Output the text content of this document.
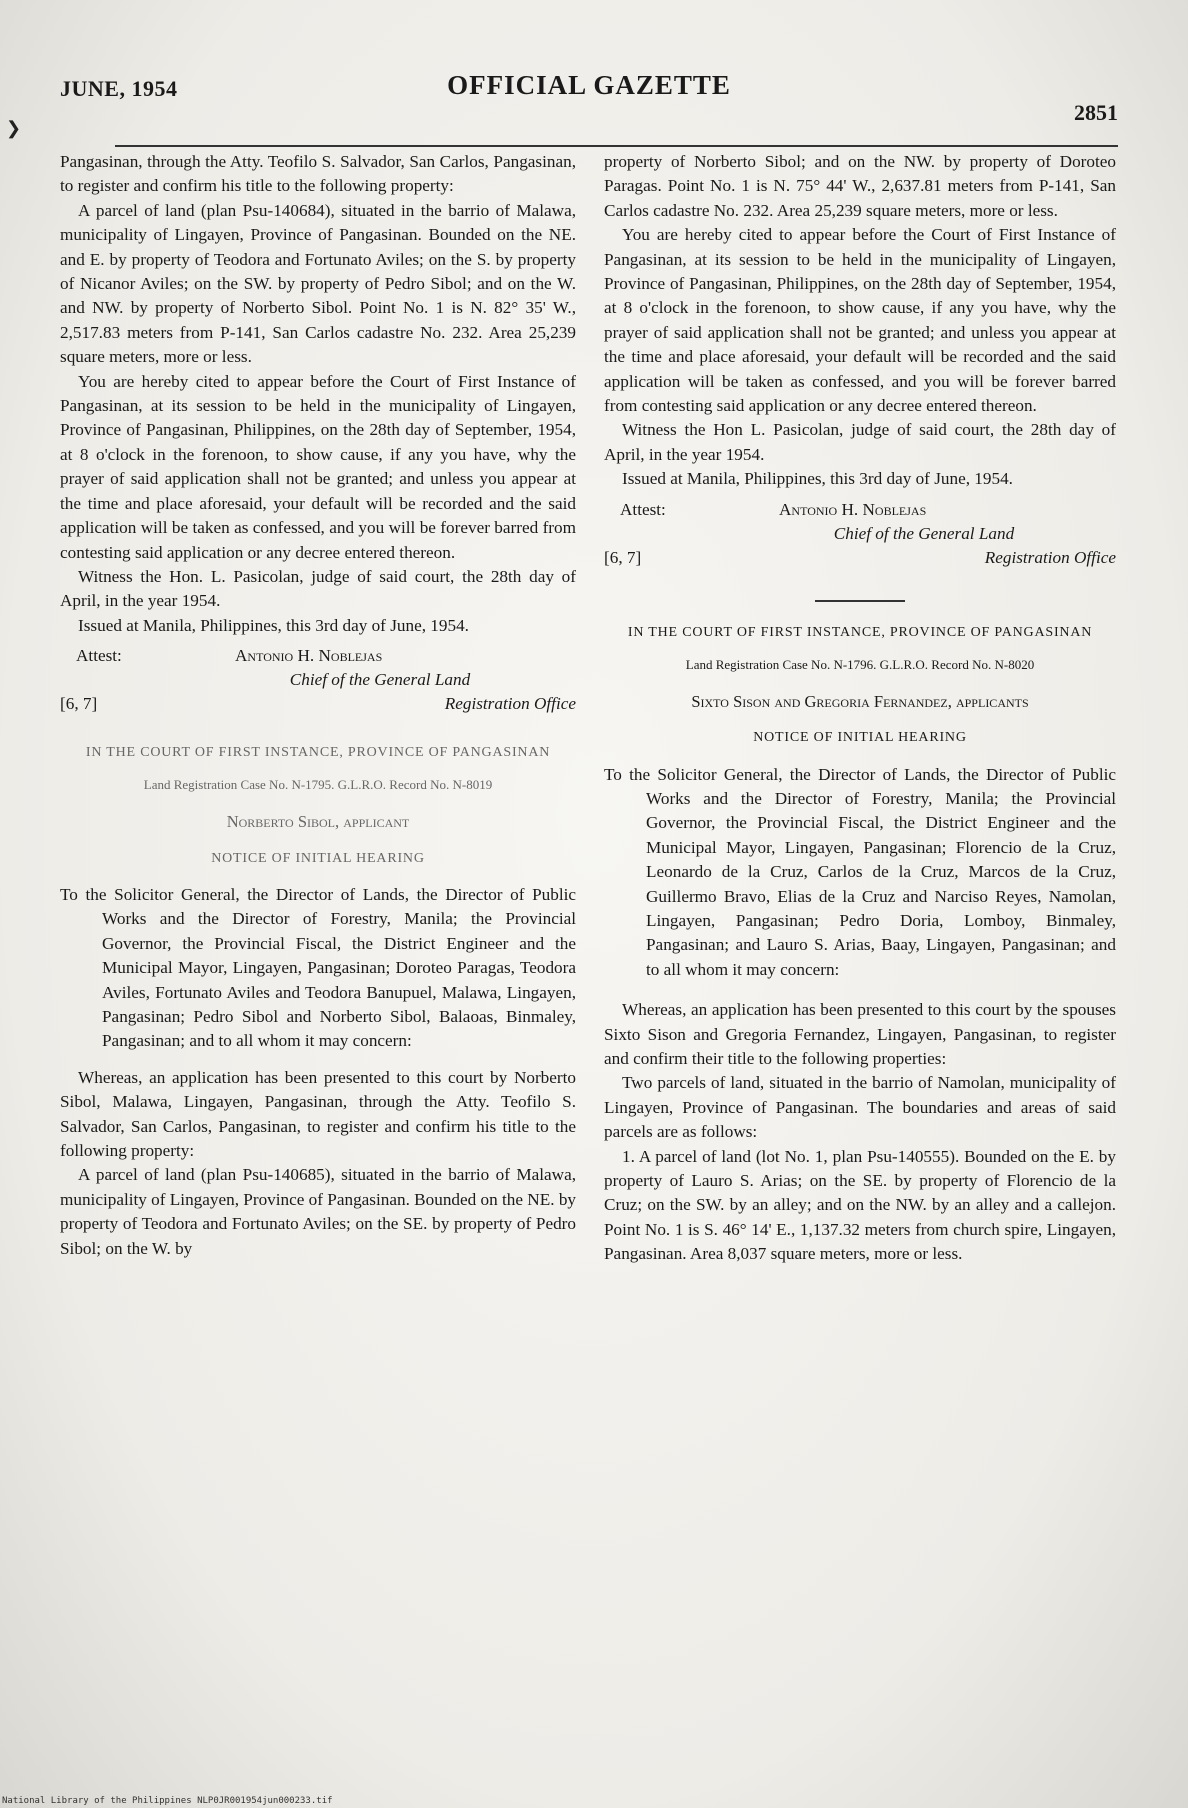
JUNE, 1954	OFFICIAL GAZETTE
2851
❯

Pangasinan, through the Atty. Teofilo S. Salvador, San Carlos, Pangasinan, to register and confirm his title to the following property:

A parcel of land (plan Psu-140684), situated in the barrio of Malawa, municipality of Lingayen, Province of Pangasinan. Bounded on the NE. and E. by property of Teodora and Fortunato Aviles; on the S. by property of Nicanor Aviles; on the SW. by property of Pedro Sibol; and on the W. and NW. by property of Norberto Sibol. Point No. 1 is N. 82° 35' W., 2,517.83 meters from P-141, San Carlos cadastre No. 232. Area 25,239 square meters, more or less.

You are hereby cited to appear before the Court of First Instance of Pangasinan, at its session to be held in the municipality of Lingayen, Province of Pangasinan, Philippines, on the 28th day of September, 1954, at 8 o'clock in the forenoon, to show cause, if any you have, why the prayer of said application shall not be granted; and unless you appear at the time and place aforesaid, your default will be recorded and the said application will be taken as confessed, and you will be forever barred from contesting said application or any decree entered thereon.

Witness the Hon. L. Pasicolan, judge of said court, the 28th day of April, in the year 1954.

Issued at Manila, Philippines, this 3rd day of June, 1954.

Attest:	Antonio H. Noblejas
Chief of the General Land
[6, 7]	Registration Office
IN THE COURT OF FIRST INSTANCE, PROVINCE OF PANGASINAN
Land Registration Case No. N-1795. G.L.R.O. Record No. N-8019
Norberto Sibol, applicant
NOTICE OF INITIAL HEARING

To the Solicitor General, the Director of Lands, the Director of Public Works and the Director of Forestry, Manila; the Provincial Governor, the Provincial Fiscal, the District Engineer and the Municipal Mayor, Lingayen, Pangasinan; Doroteo Paragas, Teodora Aviles, Fortunato Aviles and Teodora Banupuel, Malawa, Lingayen, Pangasinan; Pedro Sibol and Norberto Sibol, Balaoas, Binmaley, Pangasinan; and to all whom it may concern:

Whereas, an application has been presented to this court by Norberto Sibol, Malawa, Lingayen, Pangasinan, through the Atty. Teofilo S. Salvador, San Carlos, Pangasinan, to register and confirm his title to the following property:

A parcel of land (plan Psu-140685), situated in the barrio of Malawa, municipality of Lingayen, Province of Pangasinan. Bounded on the NE. by property of Teodora and Fortunato Aviles; on the SE. by property of Pedro Sibol; on the W. by

property of Norberto Sibol; and on the NW. by property of Doroteo Paragas. Point No. 1 is N. 75° 44' W., 2,637.81 meters from P-141, San Carlos cadastre No. 232. Area 25,239 square meters, more or less.

You are hereby cited to appear before the Court of First Instance of Pangasinan, at its session to be held in the municipality of Lingayen, Province of Pangasinan, Philippines, on the 28th day of September, 1954, at 8 o'clock in the forenoon, to show cause, if any you have, why the prayer of said application shall not be granted; and unless you appear at the time and place aforesaid, your default will be recorded and the said application will be taken as confessed, and you will be forever barred from contesting said application or any decree entered thereon.

Witness the Hon L. Pasicolan, judge of said court, the 28th day of April, in the year 1954.

Issued at Manila, Philippines, this 3rd day of June, 1954.

Attest:	Antonio H. Noblejas
Chief of the General Land
[6, 7]	Registration Office
IN THE COURT OF FIRST INSTANCE, PROVINCE OF PANGASINAN
Land Registration Case No. N-1796. G.L.R.O. Record No. N-8020
Sixto Sison and Gregoria Fernandez, applicants
NOTICE OF INITIAL HEARING

To the Solicitor General, the Director of Lands, the Director of Public Works and the Director of Forestry, Manila; the Provincial Governor, the Provincial Fiscal, the District Engineer and the Municipal Mayor, Lingayen, Pangasinan; Florencio de la Cruz, Leonardo de la Cruz, Carlos de la Cruz, Marcos de la Cruz, Guillermo Bravo, Elias de la Cruz and Narciso Reyes, Namolan, Lingayen, Pangasinan; Pedro Doria, Lomboy, Binmaley, Pangasinan; and Lauro S. Arias, Baay, Lingayen, Pangasinan; and to all whom it may concern:

Whereas, an application has been presented to this court by the spouses Sixto Sison and Gregoria Fernandez, Lingayen, Pangasinan, to register and confirm their title to the following properties:

Two parcels of land, situated in the barrio of Namolan, municipality of Lingayen, Province of Pangasinan. The boundaries and areas of said parcels are as follows:

1. A parcel of land (lot No. 1, plan Psu-140555). Bounded on the E. by property of Lauro S. Arias; on the SE. by property of Florencio de la Cruz; on the SW. by an alley; and on the NW. by an alley and a callejon. Point No. 1 is S. 46° 14' E., 1,137.32 meters from church spire, Lingayen, Pangasinan. Area 8,037 square meters, more or less.

National Library of the Philippines NLP0JR001954jun000233.tif
